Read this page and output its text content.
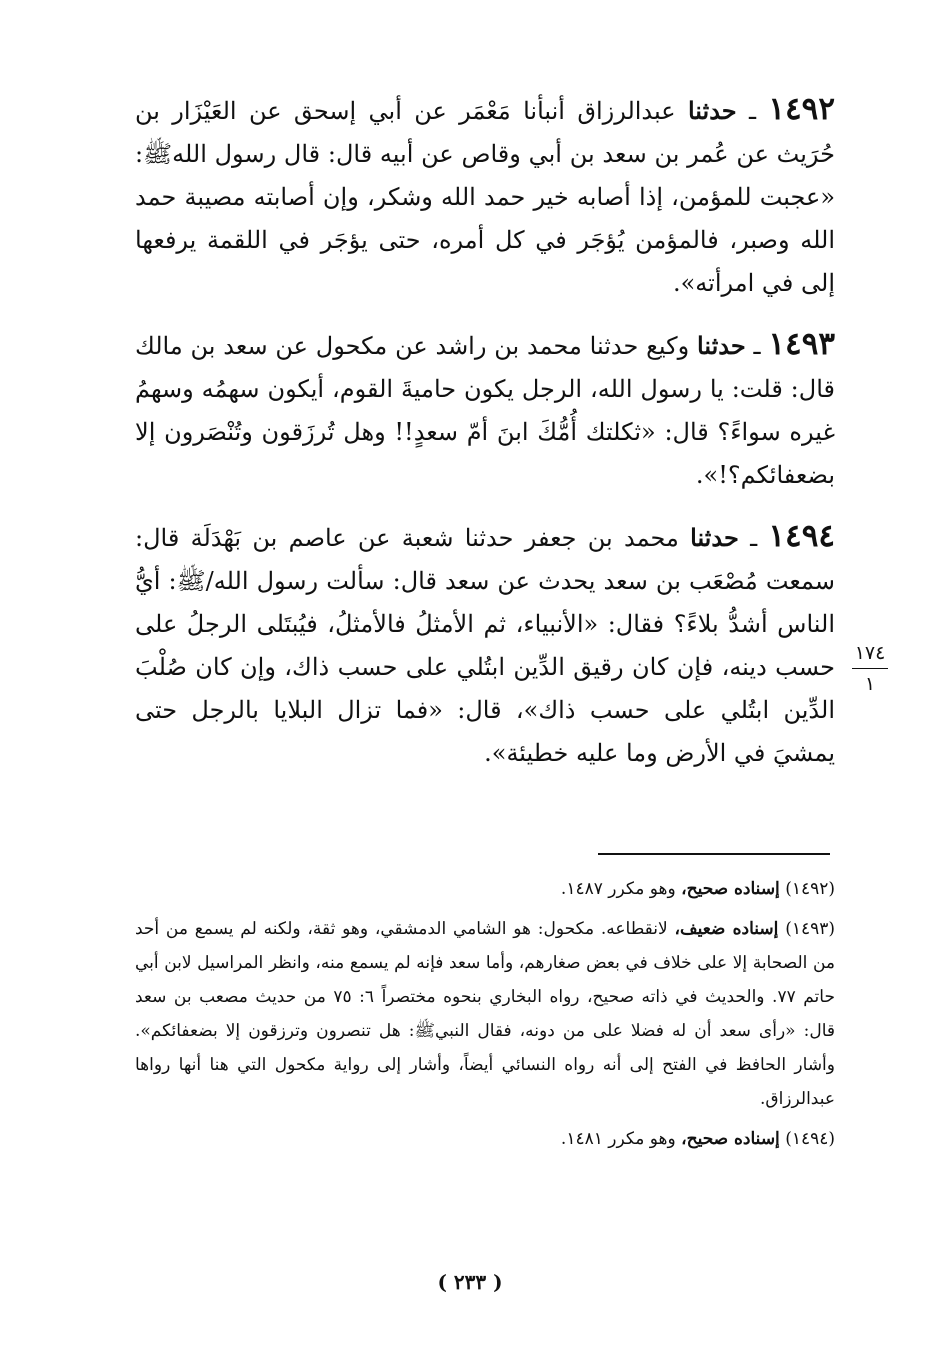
١٤٩٢ ـ حدثنا عبدالرزاق أنبأنا مَعْمَر عن أبي إسحق عن العَيْزَار بن حُرَيث عن عُمر بن سعد بن أبي وقاص عن أبيه قال: قال رسول اللهﷺ: «عجبت للمؤمن، إذا أصابه خير حمد الله وشكر، وإن أصابته مصيبة حمد الله وصبر، فالمؤمن يُؤجَر في كل أمره، حتى يؤجَر في اللقمة يرفعها إلى في امرأته».

١٤٩٣ ـ حدثنا وكيع حدثنا محمد بن راشد عن مكحول عن سعد بن مالك قال: قلت: يا رسول الله، الرجل يكون حاميةَ القوم، أيكون سهمُه وسهمُ غيره سواءً؟ قال: «ثكلتك أُمُّكَ ابنَ أمّ سعدٍ!! وهل تُرزَقون وتُنْصَرون إلا بضعفائكم؟!».

١٤٩٤ ـ حدثنا محمد بن جعفر حدثنا شعبة عن عاصم بن بَهْدَلَة قال: سمعت مُصْعَب بن سعد يحدث عن سعد قال: سألت رسول الله/ﷺ: أيُّ الناس أشدُّ بلاءً؟ فقال: «الأنبياء، ثم الأمثلُ فالأمثلُ، فيُبتَلى الرجلُ على حسب دينه، فإن كان رقيق الدِّين ابتُلي على حسب ذاك، وإن كان صُلْبَ الدِّين ابتُلي على حسب ذاك»، قال: «فما تزال البلايا بالرجل حتى يمشيَ في الأرض وما عليه خطيئة».

١٧٤
١

(١٤٩٢) إسناده صحيح، وهو مكرر ١٤٨٧.

(١٤٩٣) إسناده ضعيف، لانقطاعه. مكحول: هو الشامي الدمشقي، وهو ثقة، ولكنه لم يسمع من أحد من الصحابة إلا على خلاف في بعض صغارهم، وأما سعد فإنه لم يسمع منه، وانظر المراسيل لابن أبي حاتم ٧٧. والحديث في ذاته صحيح، رواه البخاري بنحوه مختصراً ٦: ٧٥ من حديث مصعب بن سعد قال: «رأى سعد أن له فضلا على من دونه، فقال النبيﷺ: هل تنصرون وترزقون إلا بضعفائكم». وأشار الحافظ في الفتح إلى أنه رواه النسائي أيضاً، وأشار إلى رواية مكحول التي هنا أنها رواها عبدالرزاق.

(١٤٩٤) إسناده صحيح، وهو مكرر ١٤٨١.

( ٢٣٣ )
